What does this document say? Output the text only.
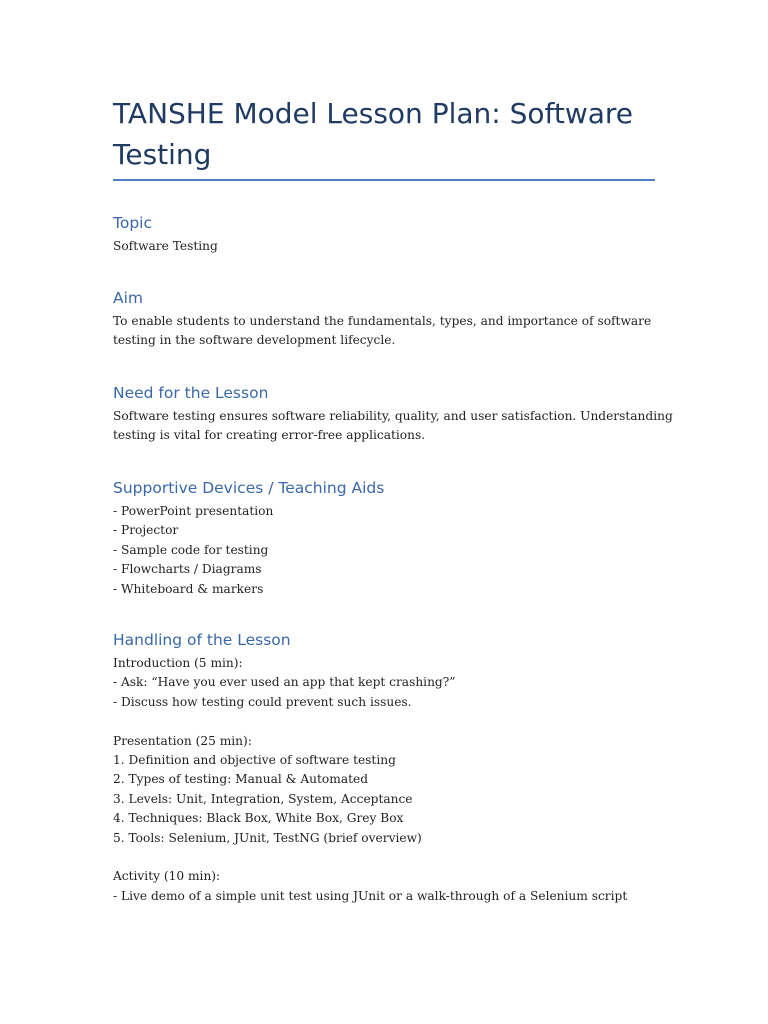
TANSHE Model Lesson Plan: Software Testing
Topic

Software Testing

Aim

To enable students to understand the fundamentals, types, and importance of software
testing in the software development lifecycle.

Need for the Lesson

Software testing ensures software reliability, quality, and user satisfaction. Understanding
testing is vital for creating error-free applications.

Supportive Devices / Teaching Aids
- PowerPoint presentation
- Projector
- Sample code for testing
- Flowcharts / Diagrams
- Whiteboard & markers
Handling of the Lesson
Introduction (5 min):
- Ask: “Have you ever used an app that kept crashing?”
- Discuss how testing could prevent such issues.
Presentation (25 min):
1. Definition and objective of software testing
2. Types of testing: Manual & Automated
3. Levels: Unit, Integration, System, Acceptance
4. Techniques: Black Box, White Box, Grey Box
5. Tools: Selenium, JUnit, TestNG (brief overview)
Activity (10 min):
- Live demo of a simple unit test using JUnit or a walk-through of a Selenium script
